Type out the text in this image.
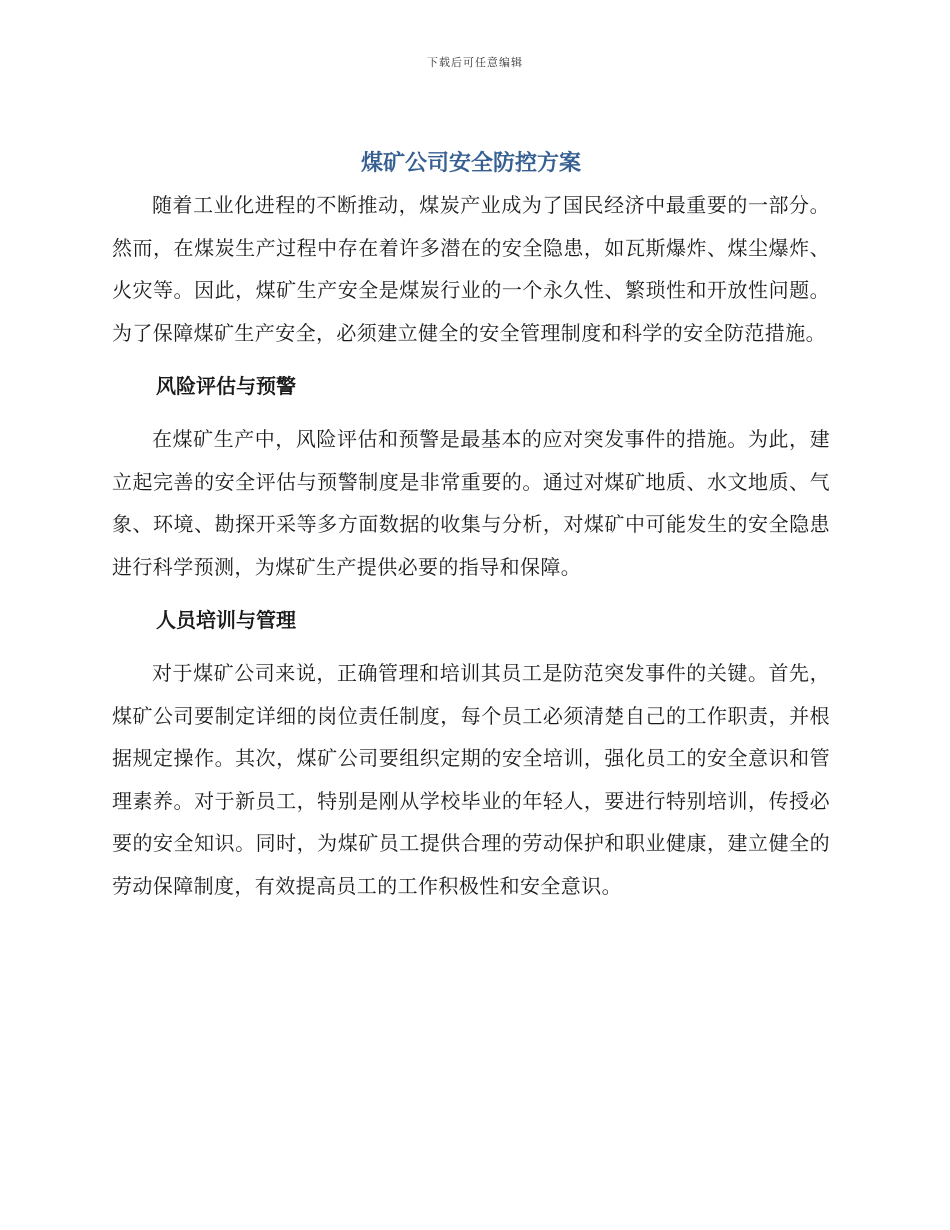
下载后可任意编辑
煤矿公司安全防控方案

随着工业化进程的不断推动，煤炭产业成为了国民经济中最重要的一部分。然而，在煤炭生产过程中存在着许多潜在的安全隐患，如瓦斯爆炸、煤尘爆炸、火灾等。因此，煤矿生产安全是煤炭行业的一个永久性、繁琐性和开放性问题。为了保障煤矿生产安全，必须建立健全的安全管理制度和科学的安全防范措施。

风险评估与预警

在煤矿生产中，风险评估和预警是最基本的应对突发事件的措施。为此，建立起完善的安全评估与预警制度是非常重要的。通过对煤矿地质、水文地质、气象、环境、勘探开采等多方面数据的收集与分析，对煤矿中可能发生的安全隐患进行科学预测，为煤矿生产提供必要的指导和保障。

人员培训与管理

对于煤矿公司来说，正确管理和培训其员工是防范突发事件的关键。首先，煤矿公司要制定详细的岗位责任制度，每个员工必须清楚自己的工作职责，并根据规定操作。其次，煤矿公司要组织定期的安全培训，强化员工的安全意识和管理素养。对于新员工，特别是刚从学校毕业的年轻人，要进行特别培训，传授必要的安全知识。同时，为煤矿员工提供合理的劳动保护和职业健康，建立健全的劳动保障制度，有效提高员工的工作积极性和安全意识。
